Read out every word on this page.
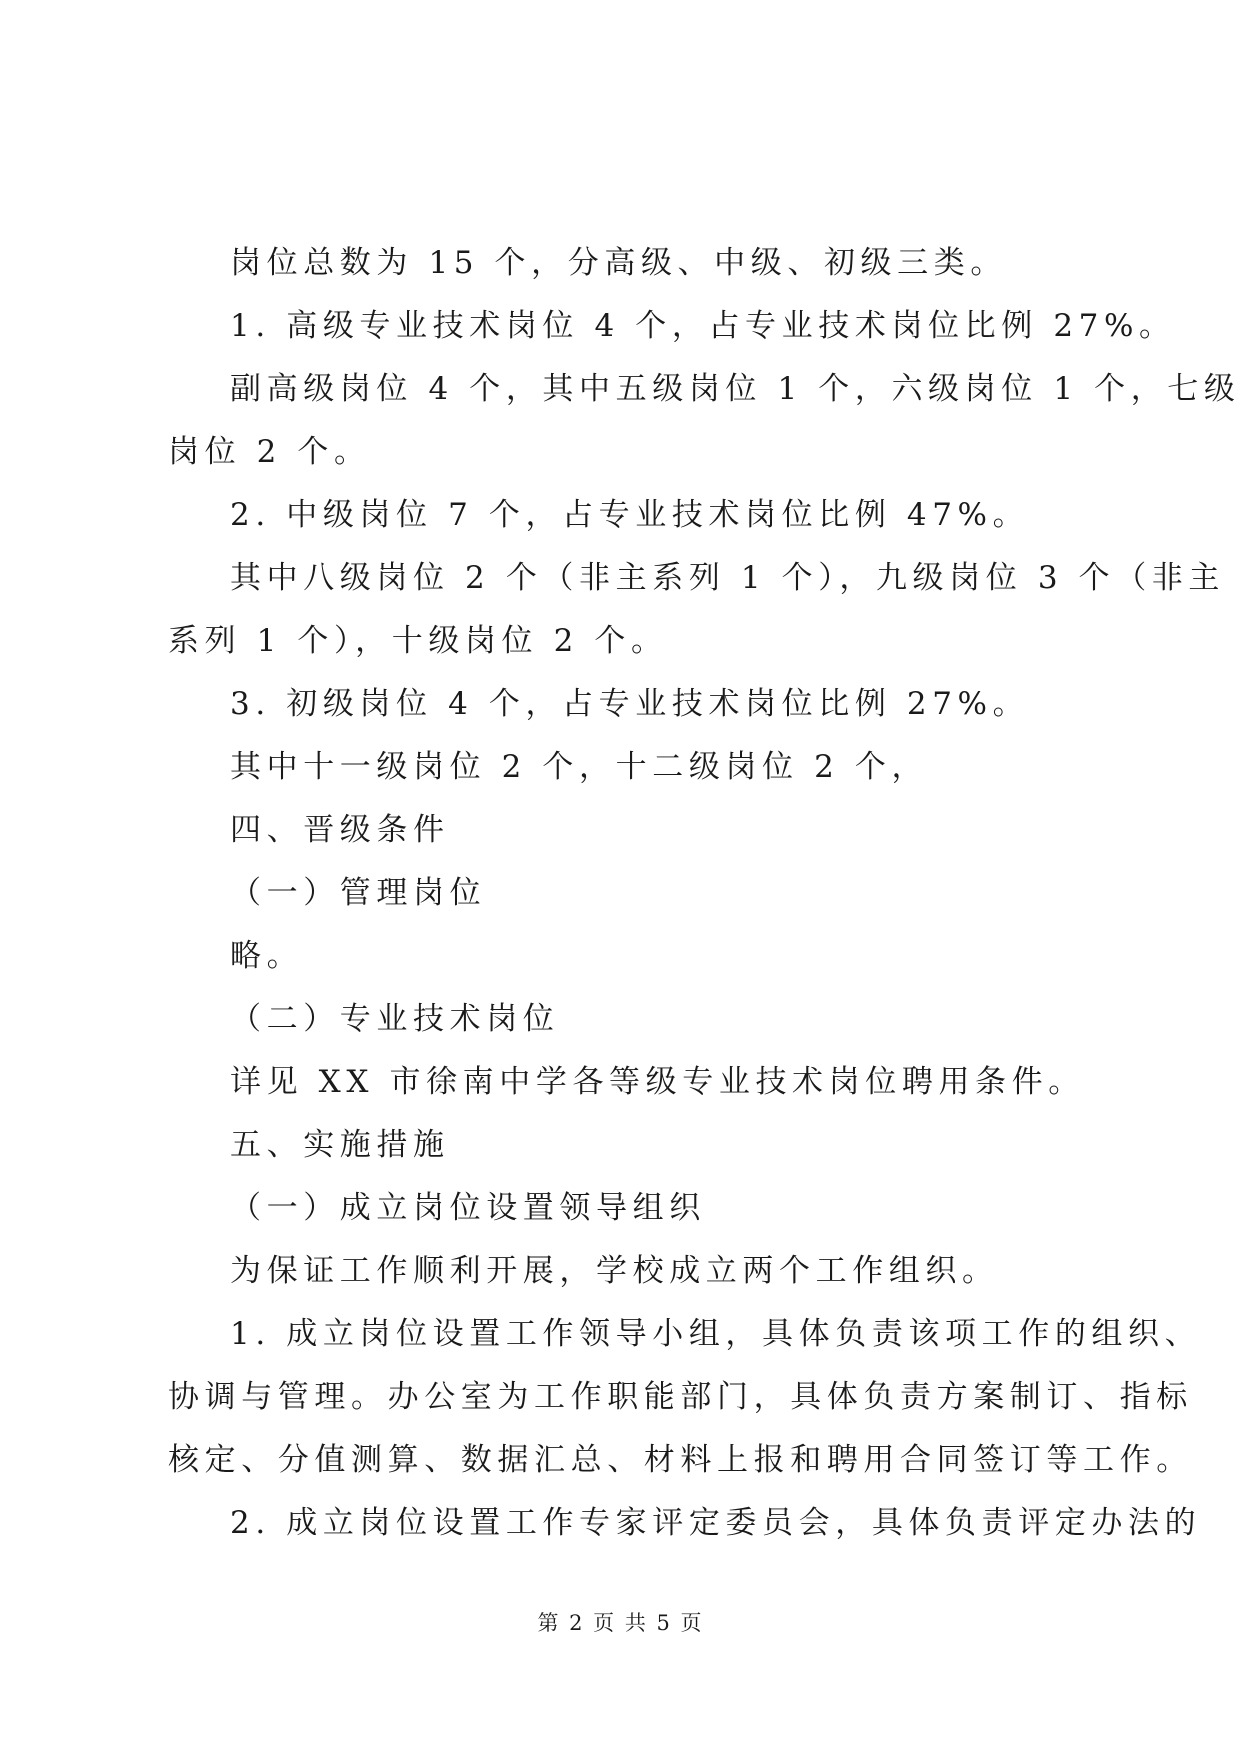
岗位总数为 15 个，分高级、中级、初级三类。

1. 高级专业技术岗位 4 个，占专业技术岗位比例 27%。

副高级岗位 4 个，其中五级岗位 1 个，六级岗位 1 个，七级

岗位 2 个。

2. 中级岗位 7 个，占专业技术岗位比例 47%。

其中八级岗位 2 个（非主系列 1 个），九级岗位 3 个（非主

系列 1 个），十级岗位 2 个。

3. 初级岗位 4 个，占专业技术岗位比例 27%。

其中十一级岗位 2 个，十二级岗位 2 个，

四、晋级条件

（一）管理岗位

略。

（二）专业技术岗位

详见 XX 市徐南中学各等级专业技术岗位聘用条件。

五、实施措施

（一）成立岗位设置领导组织

为保证工作顺利开展，学校成立两个工作组织。

1. 成立岗位设置工作领导小组，具体负责该项工作的组织、

协调与管理。办公室为工作职能部门，具体负责方案制订、指标

核定、分值测算、数据汇总、材料上报和聘用合同签订等工作。

2. 成立岗位设置工作专家评定委员会，具体负责评定办法的

第 2 页 共 5 页
